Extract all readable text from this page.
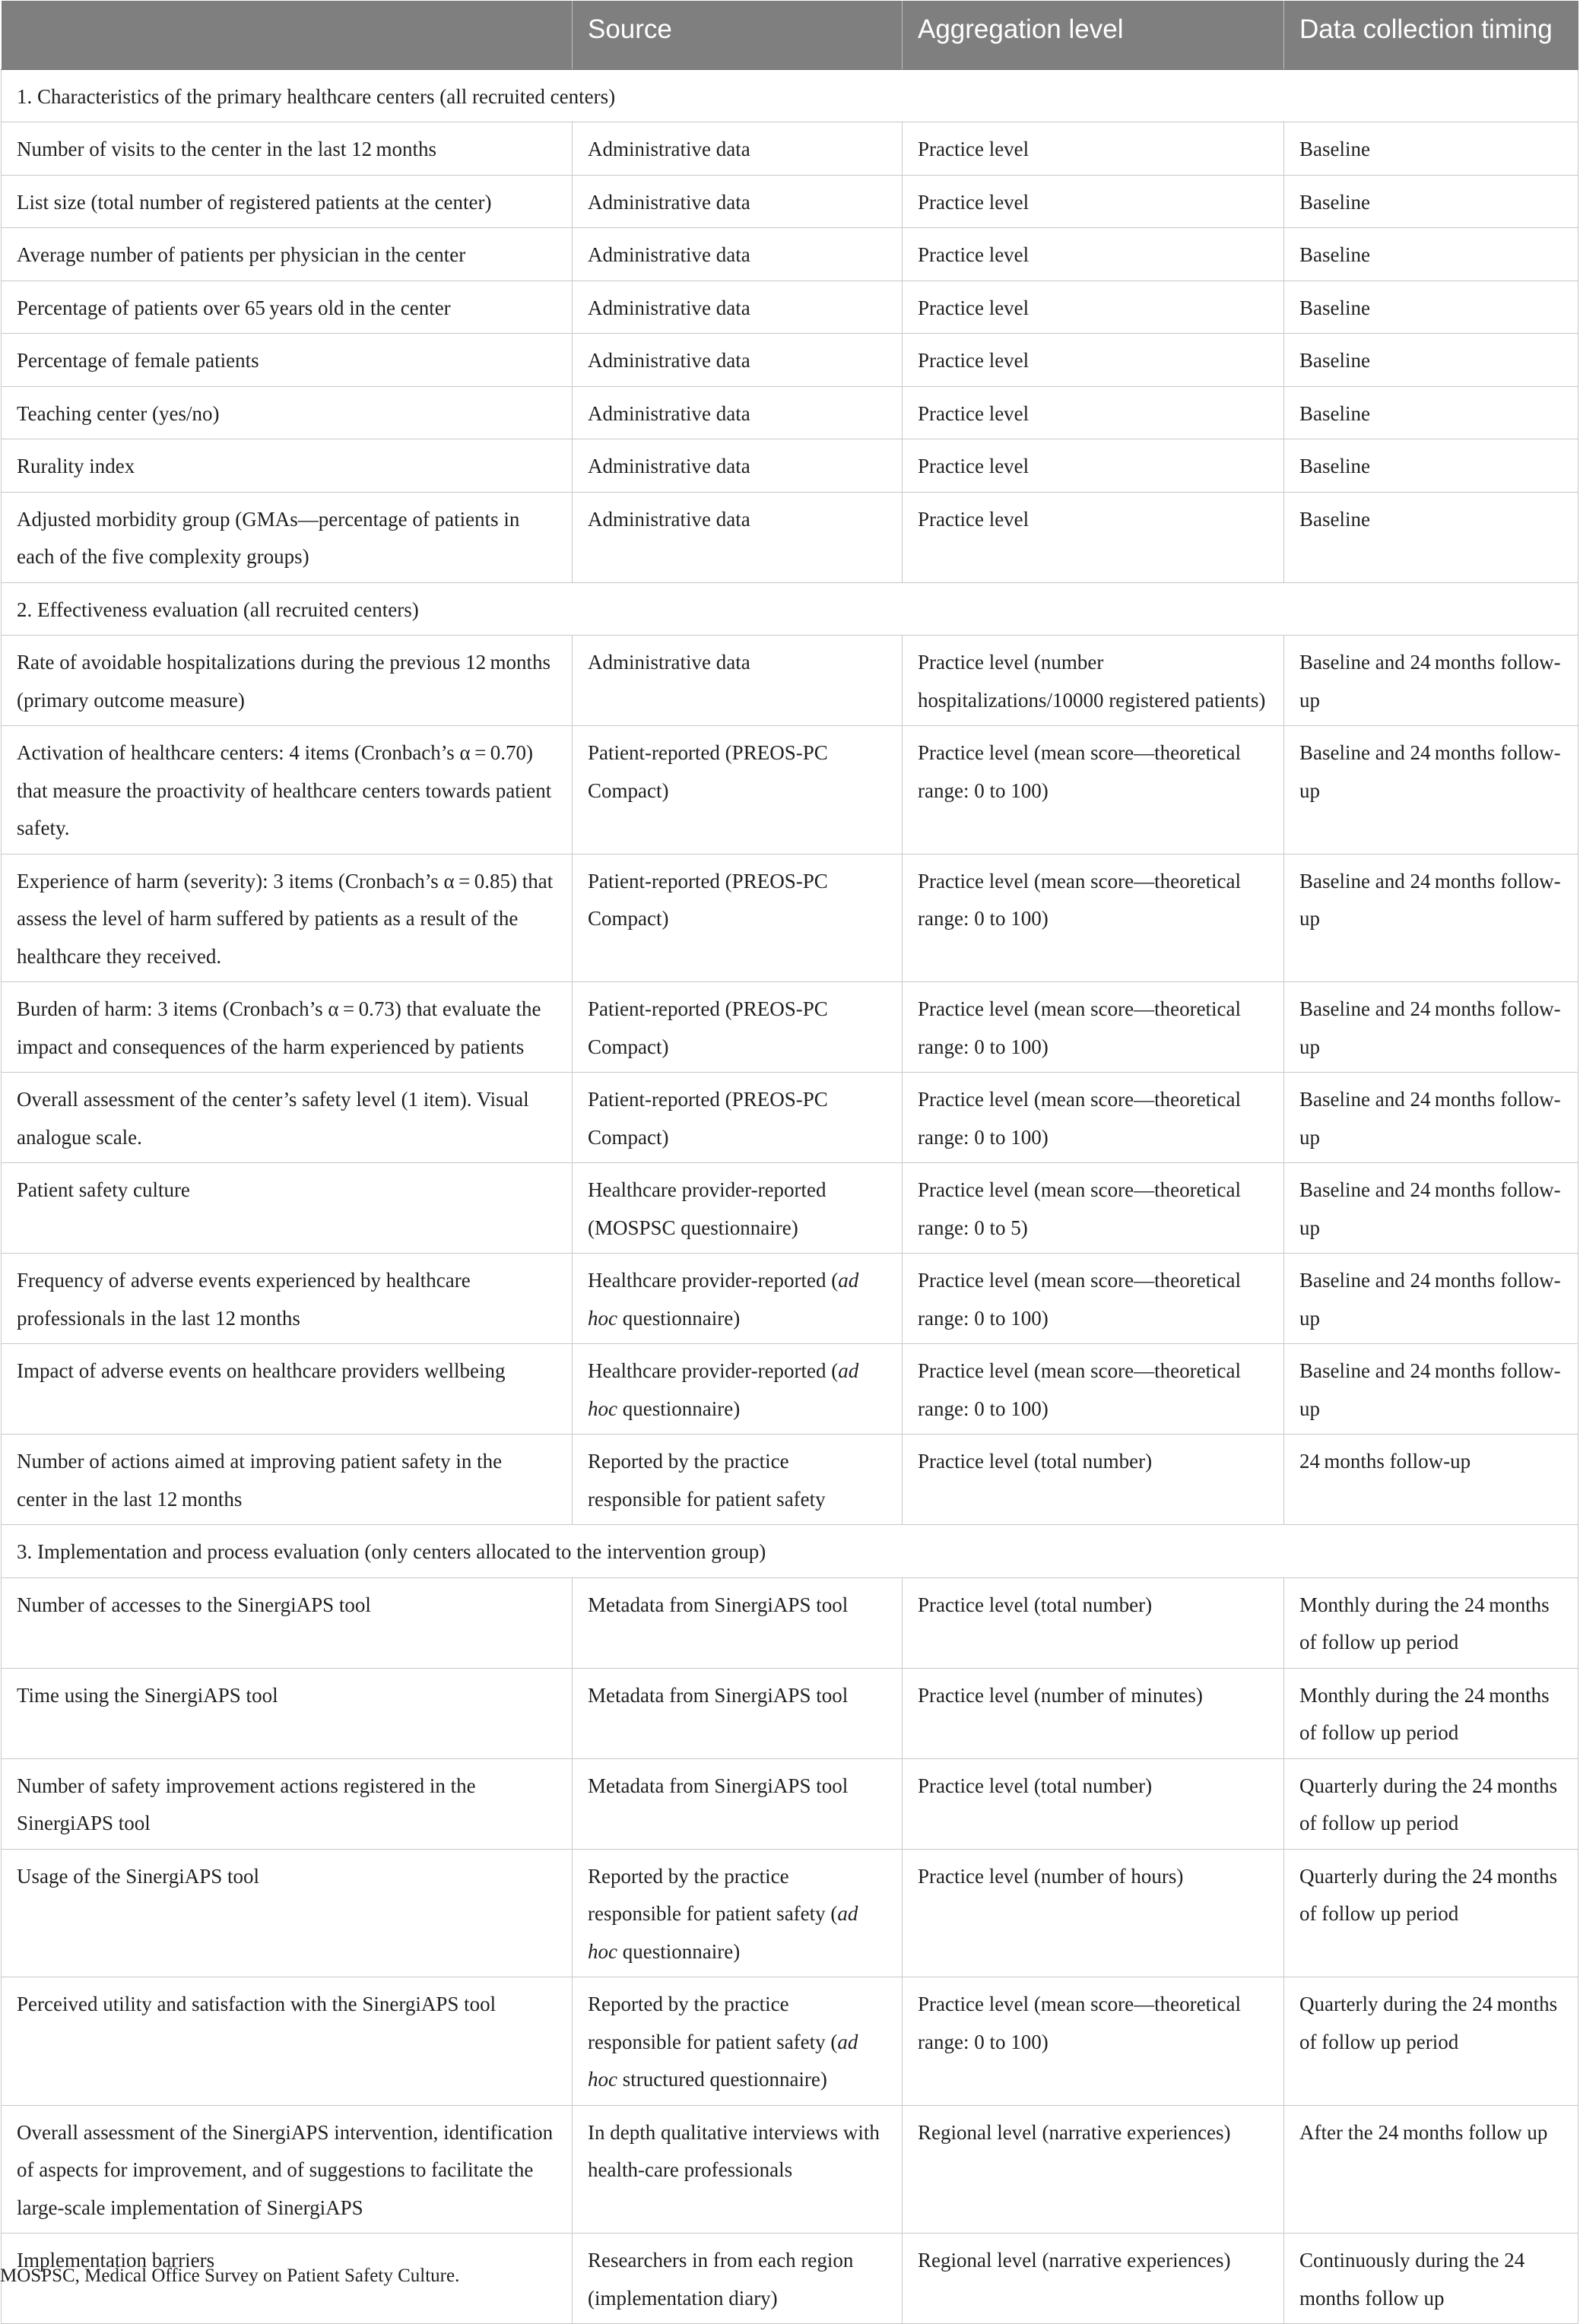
	Source	Aggregation level	Data collection timing
1. Characteristics of the primary healthcare centers (all recruited centers)			
Number of visits to the center in the last 12 months	Administrative data	Practice level	Baseline
List size (total number of registered patients at the center)	Administrative data	Practice level	Baseline
Average number of patients per physician in the center	Administrative data	Practice level	Baseline
Percentage of patients over 65 years old in the center	Administrative data	Practice level	Baseline
Percentage of female patients	Administrative data	Practice level	Baseline
Teaching center (yes/no)	Administrative data	Practice level	Baseline
Rurality index	Administrative data	Practice level	Baseline
Adjusted morbidity group (GMAs—percentage of patients in each of the five complexity groups)	Administrative data	Practice level	Baseline
2. Effectiveness evaluation (all recruited centers)			
Rate of avoidable hospitalizations during the previous 12 months (primary outcome measure)	Administrative data	Practice level (number hospitalizations/10000 registered patients)	Baseline and 24 months follow-up
Activation of healthcare centers: 4 items (Cronbach’s α = 0.70) that measure the proactivity of healthcare centers towards patient safety.	Patient-reported (PREOS-PC Compact)	Practice level (mean score—theoretical range: 0 to 100)	Baseline and 24 months follow-up
Experience of harm (severity): 3 items (Cronbach’s α = 0.85) that assess the level of harm suffered by patients as a result of the healthcare they received.	Patient-reported (PREOS-PC Compact)	Practice level (mean score—theoretical range: 0 to 100)	Baseline and 24 months follow-up
Burden of harm: 3 items (Cronbach’s α = 0.73) that evaluate the impact and consequences of the harm experienced by patients	Patient-reported (PREOS-PC Compact)	Practice level (mean score—theoretical range: 0 to 100)	Baseline and 24 months follow-up
Overall assessment of the center’s safety level (1 item). Visual analogue scale.	Patient-reported (PREOS-PC Compact)	Practice level (mean score—theoretical range: 0 to 100)	Baseline and 24 months follow-up
Patient safety culture	Healthcare provider-reported (MOSPSC questionnaire)	Practice level (mean score—theoretical range: 0 to 5)	Baseline and 24 months follow-up
Frequency of adverse events experienced by healthcare professionals in the last 12 months	Healthcare provider-reported (ad hoc questionnaire)	Practice level (mean score—theoretical range: 0 to 100)	Baseline and 24 months follow-up
Impact of adverse events on healthcare providers wellbeing	Healthcare provider-reported (ad hoc questionnaire)	Practice level (mean score—theoretical range: 0 to 100)	Baseline and 24 months follow-up
Number of actions aimed at improving patient safety in the center in the last 12 months	Reported by the practice responsible for patient safety	Practice level (total number)	24 months follow-up
3. Implementation and process evaluation (only centers allocated to the intervention group)			
Number of accesses to the SinergiAPS tool	Metadata from SinergiAPS tool	Practice level (total number)	Monthly during the 24 months of follow up period
Time using the SinergiAPS tool	Metadata from SinergiAPS tool	Practice level (number of minutes)	Monthly during the 24 months of follow up period
Number of safety improvement actions registered in the SinergiAPS tool	Metadata from SinergiAPS tool	Practice level (total number)	Quarterly during the 24 months of follow up period
Usage of the SinergiAPS tool	Reported by the practice responsible for patient safety (ad hoc questionnaire)	Practice level (number of hours)	Quarterly during the 24 months of follow up period
Perceived utility and satisfaction with the SinergiAPS tool	Reported by the practice responsible for patient safety (ad hoc structured questionnaire)	Practice level (mean score—theoretical range: 0 to 100)	Quarterly during the 24 months of follow up period
Overall assessment of the SinergiAPS intervention, identification of aspects for improvement, and of suggestions to facilitate the large-scale implementation of SinergiAPS	In depth qualitative interviews with health-care professionals	Regional level (narrative experiences)	After the 24 months follow up
Implementation barriers	Researchers in from each region (implementation diary)	Regional level (narrative experiences)	Continuously during the 24 months follow up
MOSPSC, Medical Office Survey on Patient Safety Culture.
